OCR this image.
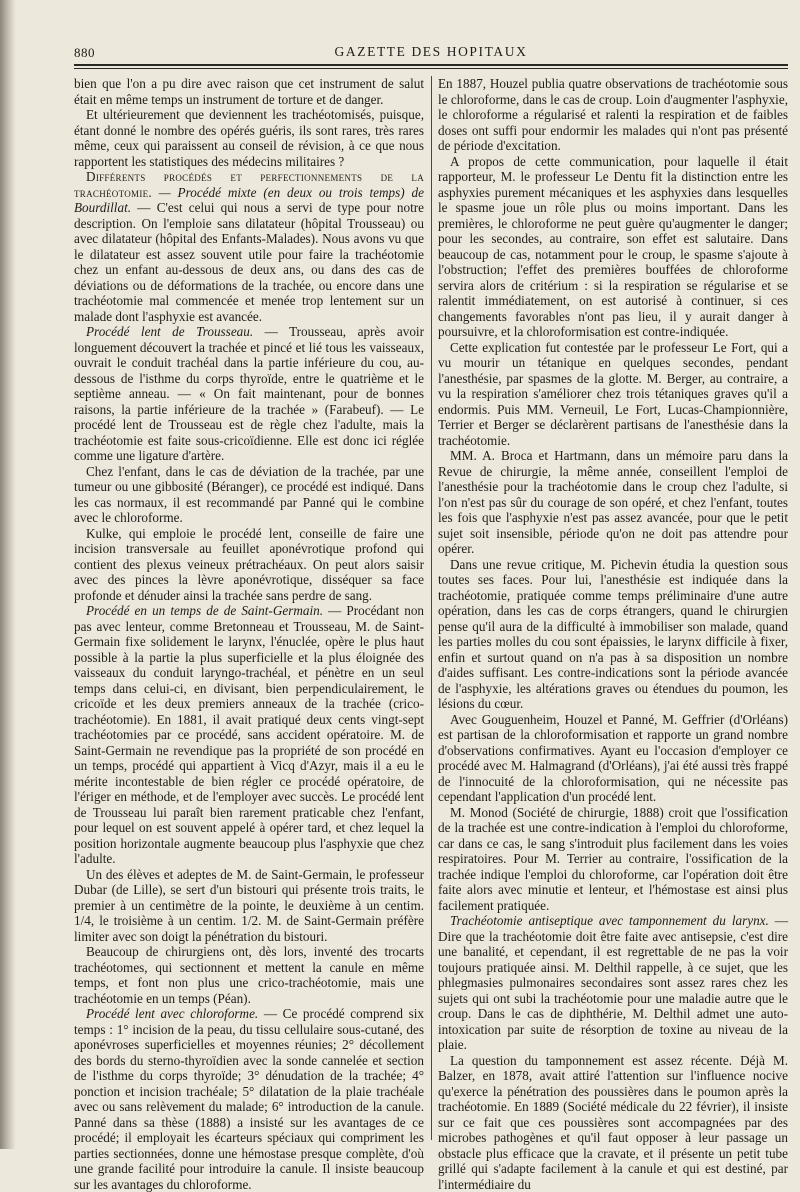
880	GAZETTE DES HOPITAUX

bien que l'on a pu dire avec raison que cet instrument de salut était en même temps un instrument de torture et de danger.

Et ultérieurement que deviennent les trachéotomisés, puisque, étant donné le nombre des opérés guéris, ils sont rares, très rares même, ceux qui paraissent au conseil de révision, à ce que nous rapportent les statistiques des médecins militaires ?

Différents procédés et perfectionnements de la trachéotomie. — Procédé mixte (en deux ou trois temps) de Bourdillat. — C'est celui qui nous a servi de type pour notre description. On l'emploie sans dilatateur (hôpital Trousseau) ou avec dilatateur (hôpital des Enfants-Malades). Nous avons vu que le dilatateur est assez souvent utile pour faire la trachéotomie chez un enfant au-dessous de deux ans, ou dans des cas de déviations ou de déformations de la trachée, ou encore dans une trachéotomie mal commencée et menée trop lentement sur un malade dont l'asphyxie est avancée.

Procédé lent de Trousseau. — Trousseau, après avoir longuement découvert la trachée et pincé et lié tous les vaisseaux, ouvrait le conduit trachéal dans la partie inférieure du cou, au-dessous de l'isthme du corps thyroïde, entre le quatrième et le septième anneau. — « On fait maintenant, pour de bonnes raisons, la partie inférieure de la trachée » (Farabeuf). — Le procédé lent de Trousseau est de règle chez l'adulte, mais la trachéotomie est faite sous-cricoïdienne. Elle est donc ici réglée comme une ligature d'artère.

Chez l'enfant, dans le cas de déviation de la trachée, par une tumeur ou une gibbosité (Béranger), ce procédé est indiqué. Dans les cas normaux, il est recommandé par Panné qui le combine avec le chloroforme.

Kulke, qui emploie le procédé lent, conseille de faire une incision transversale au feuillet aponévrotique profond qui contient des plexus veineux prétrachéaux. On peut alors saisir avec des pinces la lèvre aponévrotique, disséquer sa face profonde et dénuder ainsi la trachée sans perdre de sang.

Procédé en un temps de de Saint-Germain. — Procédant non pas avec lenteur, comme Bretonneau et Trousseau, M. de Saint-Germain fixe solidement le larynx, l'énuclée, opère le plus haut possible à la partie la plus superficielle et la plus éloignée des vaisseaux du conduit laryngo-trachéal, et pénètre en un seul temps dans celui-ci, en divisant, bien perpendiculairement, le cricoïde et les deux premiers anneaux de la trachée (crico-trachéotomie). En 1881, il avait pratiqué deux cents vingt-sept trachéotomies par ce procédé, sans accident opératoire. M. de Saint-Germain ne revendique pas la propriété de son procédé en un temps, procédé qui appartient à Vicq d'Azyr, mais il a eu le mérite incontestable de bien régler ce procédé opératoire, de l'ériger en méthode, et de l'employer avec succès. Le procédé lent de Trousseau lui paraît bien rarement praticable chez l'enfant, pour lequel on est souvent appelé à opérer tard, et chez lequel la position horizontale augmente beaucoup plus l'asphyxie que chez l'adulte.

Un des élèves et adeptes de M. de Saint-Germain, le professeur Dubar (de Lille), se sert d'un bistouri qui présente trois traits, le premier à un centimètre de la pointe, le deuxième à un centim. 1/4, le troisième à un centim. 1/2. M. de Saint-Germain préfère limiter avec son doigt la pénétration du bistouri.

Beaucoup de chirurgiens ont, dès lors, inventé des trocarts trachéotomes, qui sectionnent et mettent la canule en même temps, et font non plus une crico-trachéotomie, mais une trachéotomie en un temps (Péan).

Procédé lent avec chloroforme. — Ce procédé comprend six temps : 1° incision de la peau, du tissu cellulaire sous-cutané, des aponévroses superficielles et moyennes réunies; 2° décollement des bords du sterno-thyroïdien avec la sonde cannelée et section de l'isthme du corps thyroïde; 3° dénudation de la trachée; 4° ponction et incision trachéale; 5° dilatation de la plaie trachéale avec ou sans relèvement du malade; 6° introduction de la canule. Panné dans sa thèse (1888) a insisté sur les avantages de ce procédé; il employait les écarteurs spéciaux qui compriment les parties sectionnées, donne une hémostase presque complète, d'où une grande facilité pour introduire la canule. Il insiste beaucoup sur les avantages du chloroforme.

En 1887, Houzel publia quatre observations de trachéotomie sous le chloroforme, dans le cas de croup. Loin d'augmenter l'asphyxie, le chloroforme a régularisé et ralenti la respiration et de faibles doses ont suffi pour endormir les malades qui n'ont pas présenté de période d'excitation.

A propos de cette communication, pour laquelle il était rapporteur, M. le professeur Le Dentu fit la distinction entre les asphyxies purement mécaniques et les asphyxies dans lesquelles le spasme joue un rôle plus ou moins important. Dans les premières, le chloroforme ne peut guère qu'augmenter le danger; pour les secondes, au contraire, son effet est salutaire. Dans beaucoup de cas, notamment pour le croup, le spasme s'ajoute à l'obstruction; l'effet des premières bouffées de chloroforme servira alors de critérium : si la respiration se régularise et se ralentit immédiatement, on est autorisé à continuer, si ces changements favorables n'ont pas lieu, il y aurait danger à poursuivre, et la chloroformisation est contre-indiquée.

Cette explication fut contestée par le professeur Le Fort, qui a vu mourir un tétanique en quelques secondes, pendant l'anesthésie, par spasmes de la glotte. M. Berger, au contraire, a vu la respiration s'améliorer chez trois tétaniques graves qu'il a endormis. Puis MM. Verneuil, Le Fort, Lucas-Championnière, Terrier et Berger se déclarèrent partisans de l'anesthésie dans la trachéotomie.

MM. A. Broca et Hartmann, dans un mémoire paru dans la Revue de chirurgie, la même année, conseillent l'emploi de l'anesthésie pour la trachéotomie dans le croup chez l'adulte, si l'on n'est pas sûr du courage de son opéré, et chez l'enfant, toutes les fois que l'asphyxie n'est pas assez avancée, pour que le petit sujet soit insensible, période qu'on ne doit pas attendre pour opérer.

Dans une revue critique, M. Pichevin étudia la question sous toutes ses faces. Pour lui, l'anesthésie est indiquée dans la trachéotomie, pratiquée comme temps préliminaire d'une autre opération, dans les cas de corps étrangers, quand le chirurgien pense qu'il aura de la difficulté à immobiliser son malade, quand les parties molles du cou sont épaissies, le larynx difficile à fixer, enfin et surtout quand on n'a pas à sa disposition un nombre d'aides suffisant. Les contre-indications sont la période avancée de l'asphyxie, les altérations graves ou étendues du poumon, les lésions du cœur.

Avec Gouguenheim, Houzel et Panné, M. Geffrier (d'Orléans) est partisan de la chloroformisation et rapporte un grand nombre d'observations confirmatives. Ayant eu l'occasion d'employer ce procédé avec M. Halmagrand (d'Orléans), j'ai été aussi très frappé de l'innocuité de la chloroformisation, qui ne nécessite pas cependant l'application d'un procédé lent.

M. Monod (Société de chirurgie, 1888) croit que l'ossification de la trachée est une contre-indication à l'emploi du chloroforme, car dans ce cas, le sang s'introduit plus facilement dans les voies respiratoires. Pour M. Terrier au contraire, l'ossification de la trachée indique l'emploi du chloroforme, car l'opération doit être faite alors avec minutie et lenteur, et l'hémostase est ainsi plus facilement pratiquée.

Trachéotomie antiseptique avec tamponnement du larynx. — Dire que la trachéotomie doit être faite avec antisepsie, c'est dire une banalité, et cependant, il est regrettable de ne pas la voir toujours pratiquée ainsi. M. Delthil rappelle, à ce sujet, que les phlegmasies pulmonaires secondaires sont assez rares chez les sujets qui ont subi la trachéotomie pour une maladie autre que le croup. Dans le cas de diphthérie, M. Delthil admet une auto-intoxication par suite de résorption de toxine au niveau de la plaie.

La question du tamponnement est assez récente. Déjà M. Balzer, en 1878, avait attiré l'attention sur l'influence nocive qu'exerce la pénétration des poussières dans le poumon après la trachéotomie. En 1889 (Société médicale du 22 février), il insiste sur ce fait que ces poussières sont accompagnées par des microbes pathogènes et qu'il faut opposer à leur passage un obstacle plus efficace que la cravate, et il présente un petit tube grillé qui s'adapte facilement à la canule et qui est destiné, par l'intermédiaire du
